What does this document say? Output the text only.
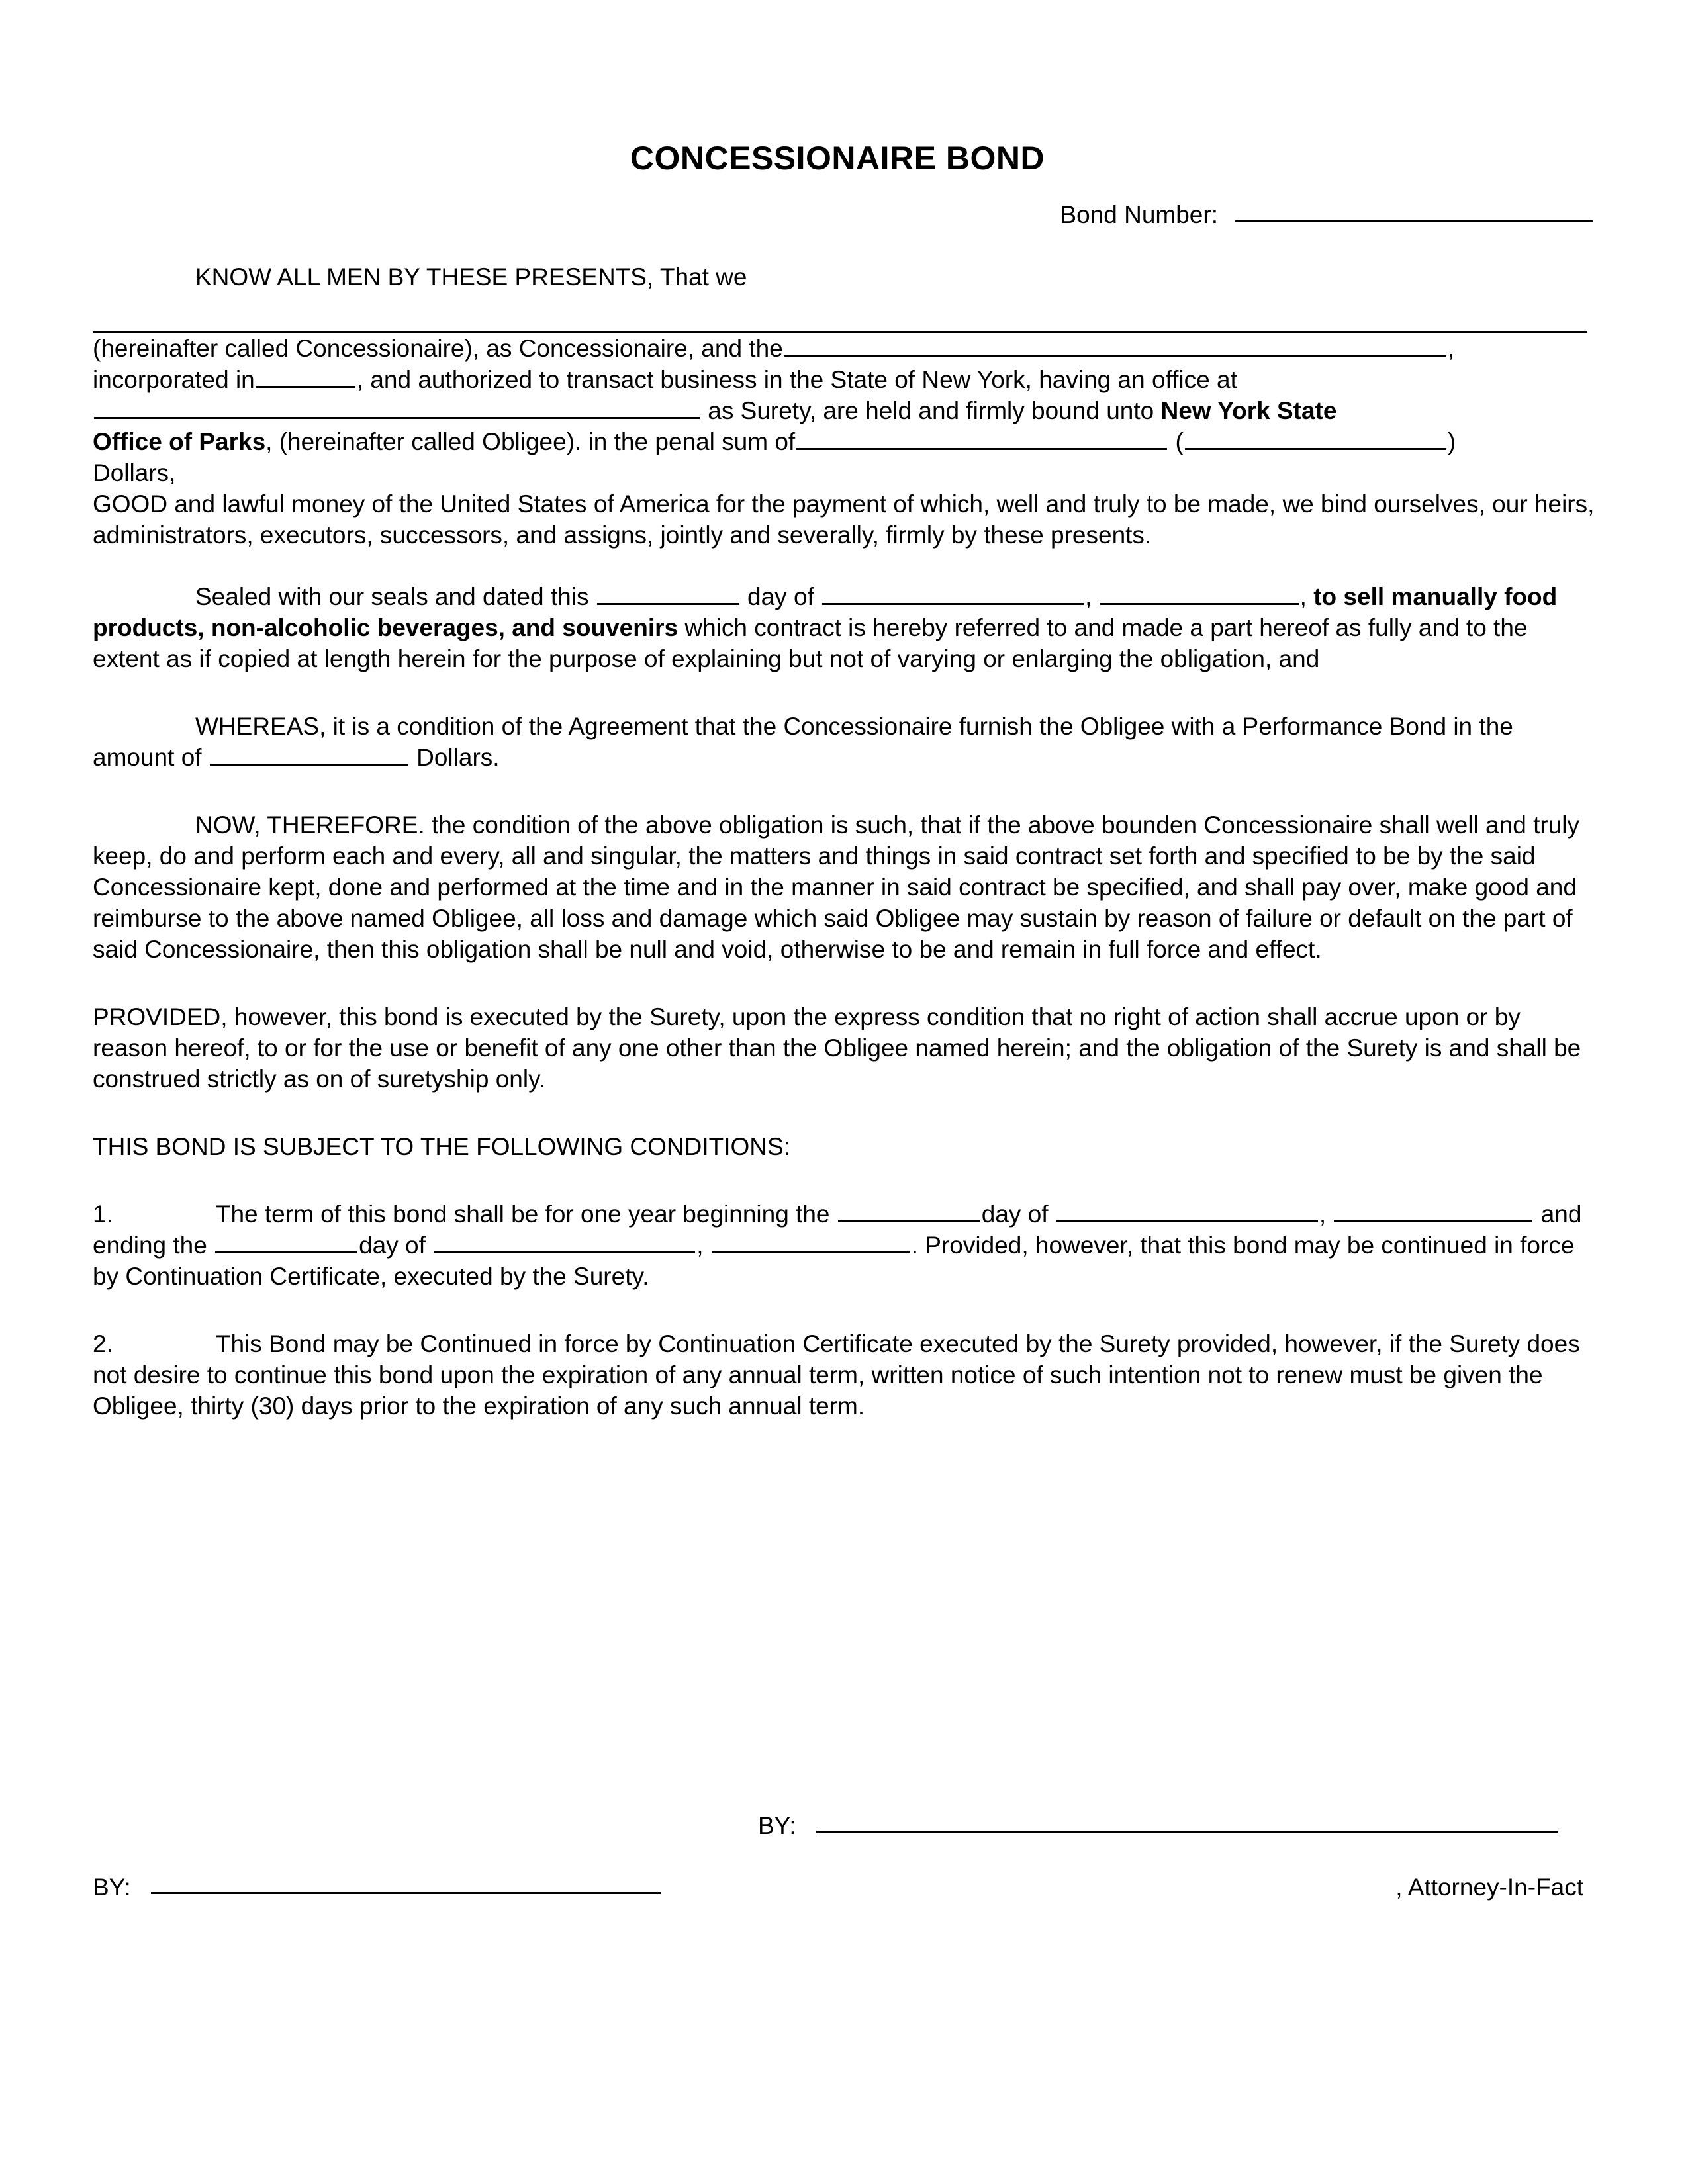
CONCESSIONAIRE BOND
Bond Number:

KNOW ALL MEN BY THESE PRESENTS, That we

(hereinafter called Concessionaire), as Concessionaire, and the	,

incorporated in	, and authorized to transact business in the State of New York, having an office at

as Surety, are held and firmly bound unto New York State

Office of Parks, (hereinafter called Obligee). in the penal sum of	(	)

Dollars,

GOOD and lawful money of the United States of America for the payment of which, well and truly to be made, we bind ourselves, our heirs, administrators, executors, successors, and assigns, jointly and severally, firmly by these presents.

Sealed with our seals and dated this	day of	,	, to sell manually food products, non-alcoholic beverages, and souvenirs which contract is hereby referred to and made a part hereof as fully and to the extent as if copied at length herein for the purpose of explaining but not of varying or enlarging the obligation, and

WHEREAS, it is a condition of the Agreement that the Concessionaire furnish the Obligee with a Performance Bond in the amount of	Dollars.

NOW, THEREFORE. the condition of the above obligation is such, that if the above bounden Concessionaire shall well and truly keep, do and perform each and every, all and singular, the matters and things in said contract set forth and specified to be by the said Concessionaire kept, done and performed at the time and in the manner in said contract be specified, and shall pay over, make good and reimburse to the above named Obligee, all loss and damage which said Obligee may sustain by reason of failure or default on the part of said Concessionaire, then this obligation shall be null and void, otherwise to be and remain in full force and effect.

PROVIDED, however, this bond is executed by the Surety, upon the express condition that no right of action shall accrue upon or by reason hereof, to or for the use or benefit of any one other than the Obligee named herein; and the obligation of the Surety is and shall be construed strictly as on of suretyship only.

THIS BOND IS SUBJECT TO THE FOLLOWING CONDITIONS:

1.	The term of this bond shall be for one year beginning the	day of	,	and ending the	day of	,	. Provided, however, that this bond may be continued in force by Continuation Certificate, executed by the Surety.

2.	This Bond may be Continued in force by Continuation Certificate executed by the Surety provided, however, if the Surety does not desire to continue this bond upon the expiration of any annual term, written notice of such intention not to renew must be given the Obligee, thirty (30) days prior to the expiration of any such annual term.

BY:
BY:	, Attorney-In-Fact
